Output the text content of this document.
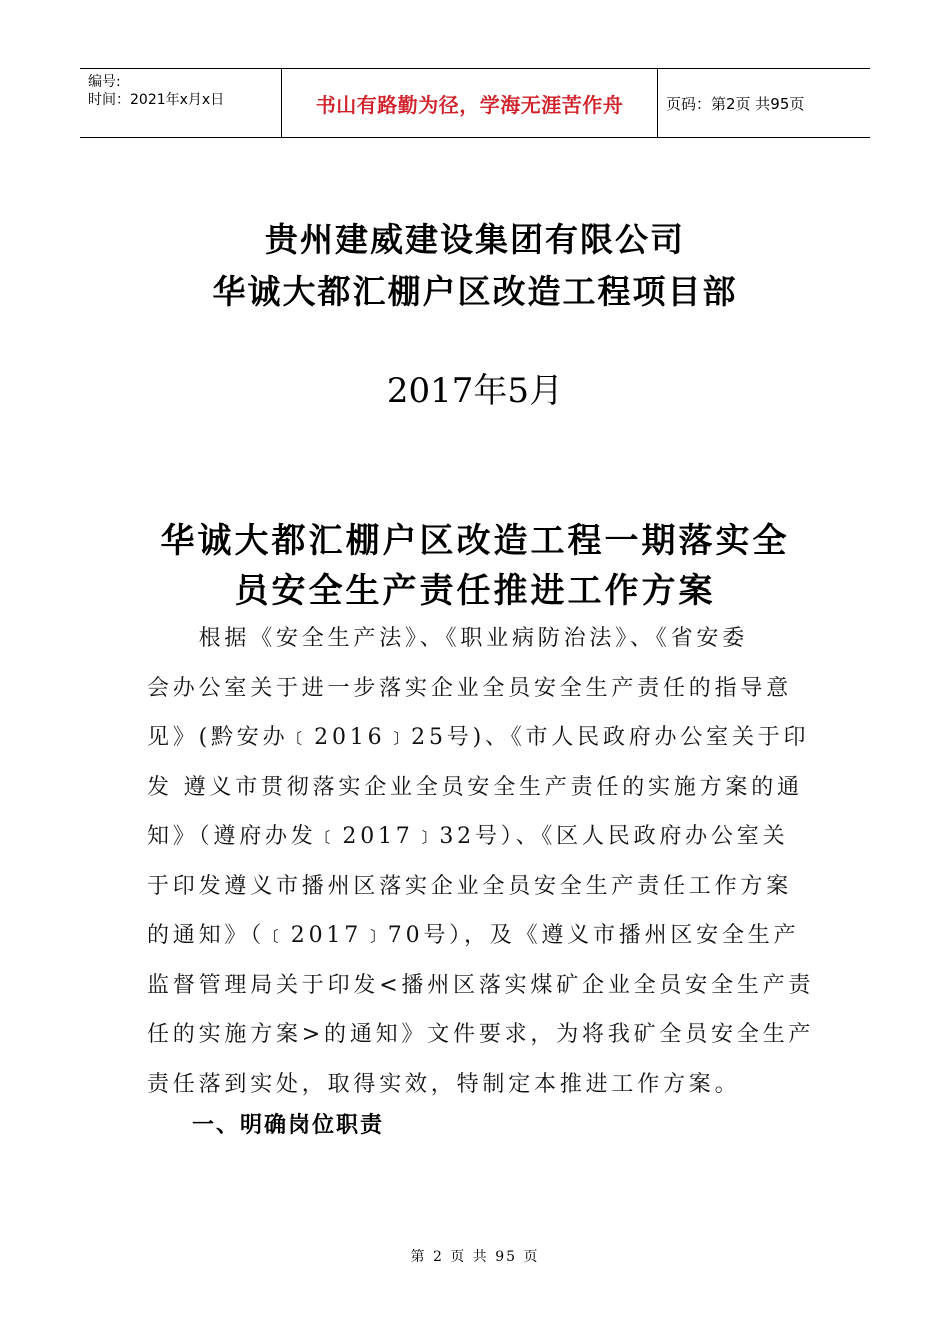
编号:
时间：2021年x月x日	书山有路勤为径，学海无涯苦作舟	页码：第2页 共95页
贵州建威建设集团有限公司
华诚大都汇棚户区改造工程项目部
2017年5月
华诚大都汇棚户区改造工程一期落实全
员安全生产责任推进工作方案
　　根据《安全生产法》、《职业病防治法》、《省安委
会办公室关于进一步落实企业全员安全生产责任的指导意
见》(黔安办﹝2016﹞25号)、《市人民政府办公室关于印
发 遵义市贯彻落实企业全员安全生产责任的实施方案的通
知》（遵府办发﹝2017﹞32号）、《区人民政府办公室关
于印发遵义市播州区落实企业全员安全生产责任工作方案
的通知》（﹝2017﹞70号），及《遵义市播州区安全生产
监督管理局关于印发<播州区落实煤矿企业全员安全生产责
任的实施方案>的通知》文件要求，为将我矿全员安全生产
责任落到实处，取得实效，特制定本推进工作方案。
一、明确岗位职责
第 2 页 共 95 页
